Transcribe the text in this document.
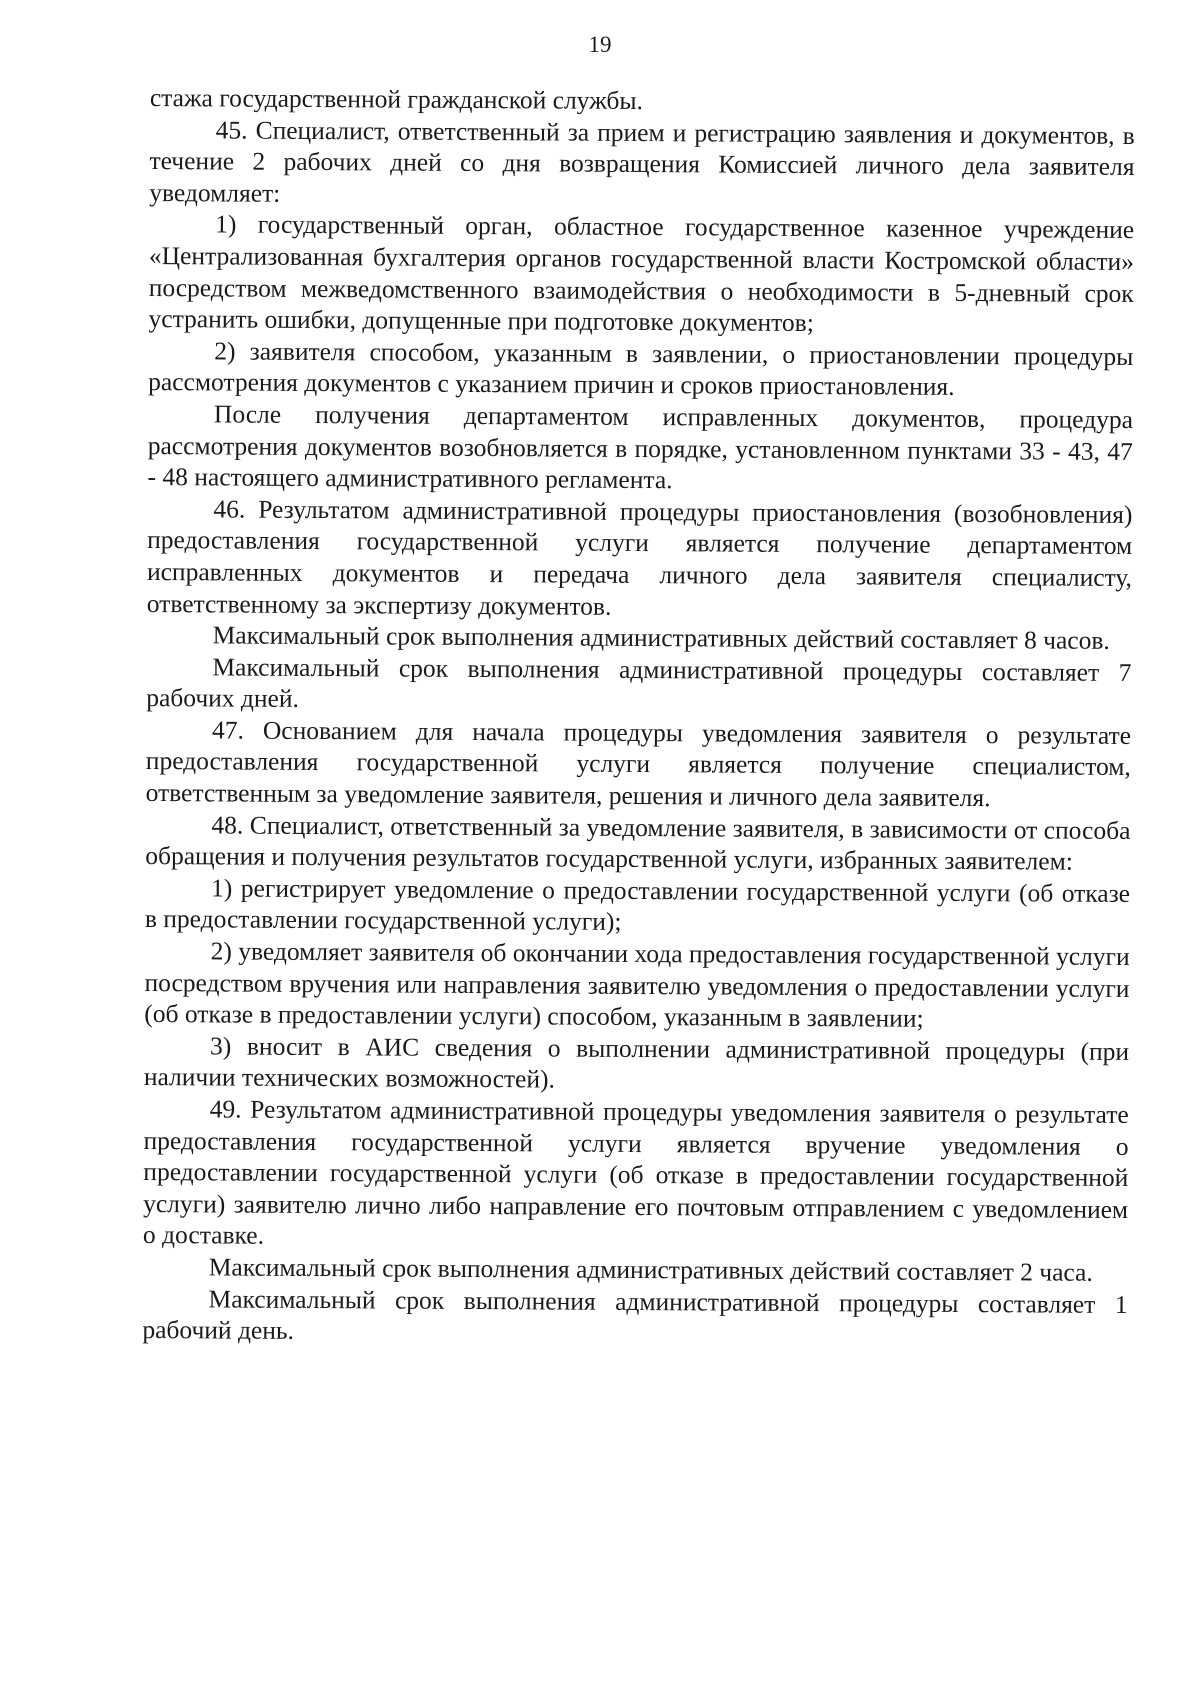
19

стажа государственной гражданской службы.

45. Специалист, ответственный за прием и регистрацию заявления и документов, в течение 2 рабочих дней со дня возвращения Комиссией личного дела заявителя уведомляет:

1) государственный орган, областное государственное казенное учреждение «Централизованная бухгалтерия органов государственной власти Костромской области» посредством межведомственного взаимодействия о необходимости в 5-дневный срок устранить ошибки, допущенные при подготовке документов;

2) заявителя способом, указанным в заявлении, о приостановлении процедуры рассмотрения документов с указанием причин и сроков приостановления.

После получения департаментом исправленных документов, процедура рассмотрения документов возобновляется в порядке, установленном пунктами 33 - 43, 47 - 48 настоящего административного регламента.

46. Результатом административной процедуры приостановления (возобновления) предоставления государственной услуги является получение департаментом исправленных документов и передача личного дела заявителя специалисту, ответственному за экспертизу документов.

Максимальный срок выполнения административных действий составляет 8 часов.

Максимальный срок выполнения административной процедуры составляет 7 рабочих дней.

47. Основанием для начала процедуры уведомления заявителя о результате предоставления государственной услуги является получение специалистом, ответственным за уведомление заявителя, решения и личного дела заявителя.

48. Специалист, ответственный за уведомление заявителя, в зависимости от способа обращения и получения результатов государственной услуги, избранных заявителем:

1) регистрирует уведомление о предоставлении государственной услуги (об отказе в предоставлении государственной услуги);

2) уведомляет заявителя об окончании хода предоставления государственной услуги посредством вручения или направления заявителю уведомления о предоставлении услуги (об отказе в предоставлении услуги) способом, указанным в заявлении;

3) вносит в АИС сведения о выполнении административной процедуры (при наличии технических возможностей).

49. Результатом административной процедуры уведомления заявителя о результате предоставления государственной услуги является вручение уведомления о предоставлении государственной услуги (об отказе в предоставлении государственной услуги) заявителю лично либо направление его почтовым отправлением с уведомлением о доставке.

Максимальный срок выполнения административных действий составляет 2 часа.

Максимальный срок выполнения административной процедуры составляет 1 рабочий день.
